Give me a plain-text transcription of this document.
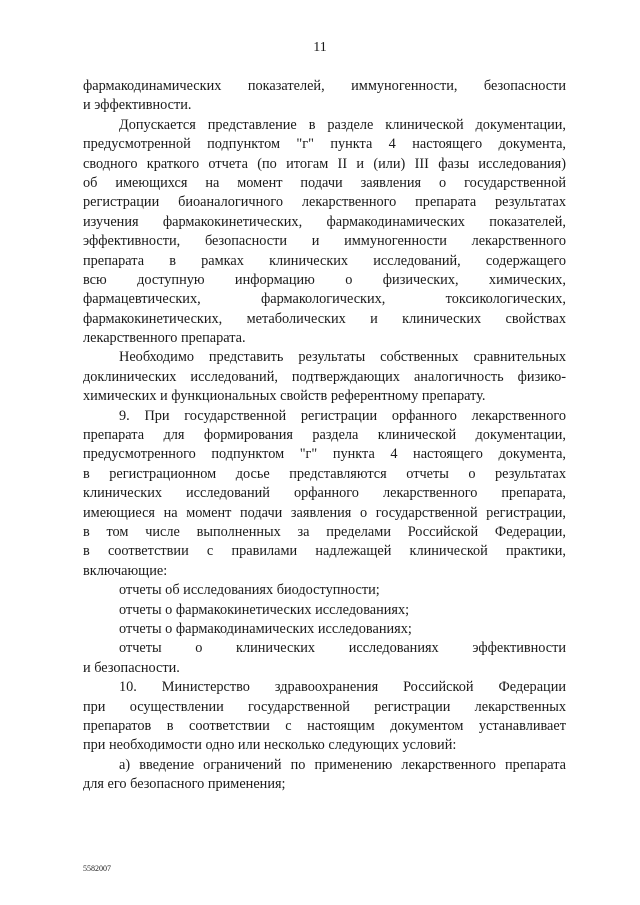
11
фармакодинамических показателей, иммуногенности, безопасности
и эффективности.
Допускается представление в разделе клинической документации,
предусмотренной подпунктом "г" пункта 4 настоящего документа,
сводного краткого отчета (по итогам II и (или) III фазы исследования)
об имеющихся на момент подачи заявления о государственной
регистрации биоаналогичного лекарственного препарата результатах
изучения фармакокинетических, фармакодинамических показателей,
эффективности, безопасности и иммуногенности лекарственного
препарата в рамках клинических исследований, содержащего
всю доступную информацию о физических, химических,
фармацевтических, фармакологических, токсикологических,
фармакокинетических, метаболических и клинических свойствах
лекарственного препарата.
Необходимо представить результаты собственных сравнительных
доклинических исследований, подтверждающих аналогичность физико-
химических и функциональных свойств референтному препарату.
9. При государственной регистрации орфанного лекарственного
препарата для формирования раздела клинической документации,
предусмотренного подпунктом "г" пункта 4 настоящего документа,
в регистрационном досье представляются отчеты о результатах
клинических исследований орфанного лекарственного препарата,
имеющиеся на момент подачи заявления о государственной регистрации,
в том числе выполненных за пределами Российской Федерации,
в соответствии с правилами надлежащей клинической практики,
включающие:
отчеты об исследованиях биодоступности;
отчеты о фармакокинетических исследованиях;
отчеты о фармакодинамических исследованиях;
отчеты о клинических исследованиях эффективности
и безопасности.
10. Министерство здравоохранения Российской Федерации
при осуществлении государственной регистрации лекарственных
препаратов в соответствии с настоящим документом устанавливает
при необходимости одно или несколько следующих условий:
а) введение ограничений по применению лекарственного препарата
для его безопасного применения;
5582007
